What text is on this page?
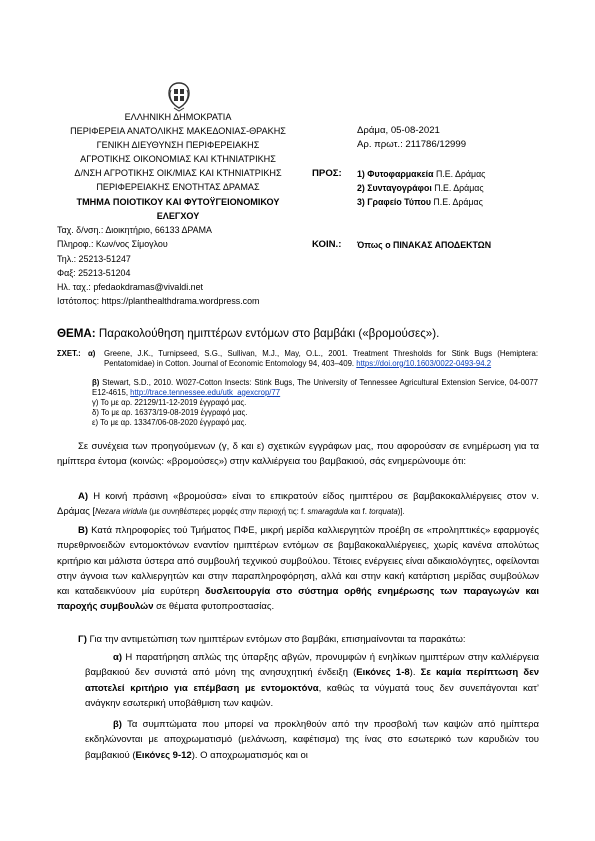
ΕΛΛΗΝΙΚΗ ΔΗΜΟΚΡΑΤΙΑ
ΠΕΡΙΦΕΡΕΙΑ ΑΝΑΤΟΛΙΚΗΣ ΜΑΚΕΔΟΝΙΑΣ-ΘΡΑΚΗΣ
ΓΕΝΙΚΗ ΔΙΕΥΘΥΝΣΗ ΠΕΡΙΦΕΡΕΙΑΚΗΣ
ΑΓΡΟΤΙΚΗΣ ΟΙΚΟΝΟΜΙΑΣ ΚΑΙ ΚΤΗΝΙΑΤΡΙΚΗΣ
Δ/ΝΣΗ ΑΓΡΟΤΙΚΗΣ ΟΙΚ/ΜΙΑΣ ΚΑΙ ΚΤΗΝΙΑΤΡΙΚΗΣ
ΠΕΡΙΦΕΡΕΙΑΚΗΣ ΕΝΟΤΗΤΑΣ ΔΡΑΜΑΣ
ΤΜΗΜΑ ΠΟΙΟΤΙΚΟΥ ΚΑΙ ΦΥΤΟΫΓΕΙΟΝΟΜΙΚΟΥ
ΕΛΕΓΧΟΥ
Ταχ. δ/νση.: Διοικητήριο, 66133 ΔΡΑΜΑ
Πληροφ.: Κων/νος Σίμογλου
Τηλ.: 25213-51247
Φαξ: 25213-51204
Ηλ. ταχ.: pfedaokdramas@vivaldi.net
Ιστότοπος: https://planthealthdrama.wordpress.com
Δράμα, 05-08-2021
Αρ. πρωτ.: 211786/12999
ΠΡΟΣ: 1) Φυτοφαρμακεία Π.Ε. Δράμας
2) Συνταγογράφοι Π.Ε. Δράμας
3) Γραφείο Τύπου Π.Ε. Δράμας
ΚΟΙΝ.: Όπως ο ΠΙΝΑΚΑΣ ΑΠΟΔΕΚΤΩΝ
ΘΕΜΑ: Παρακολούθηση ημιπτέρων εντόμων στο βαμβάκι («βρομούσες»).
ΣΧΕΤ.: α)	Greene, J.K., Turnipseed, S.G., Sullivan, M.J., May, O.L., 2001. Treatment Thresholds for Stink Bugs (Hemiptera: Pentatomidae) in Cotton. Journal of Economic Entomology 94, 403–409. https://doi.org/10.1603/0022-0493-94.2
β) Stewart, S.D., 2010. W027-Cotton Insects: Stink Bugs, The University of Tennessee Agricultural Extension Service, 04-0077 E12-4615, http://trace.tennessee.edu/utk_agexcrop/77
γ) Το με αρ. 22129/11-12-2019 έγγραφό μας.
δ) Το με αρ. 16373/19-08-2019 έγγραφό μας.
ε) Το με αρ. 13347/06-08-2020 έγγραφό μας.
Σε συνέχεια των προηγούμενων (γ, δ και ε) σχετικών εγγράφων μας, που αφορούσαν σε ενημέρωση για τα ημίπτερα έντομα (κοινώς: «βρομούσες») στην καλλιέργεια του βαμβακιού, σάς ενημερώνουμε ότι:
Α) Η κοινή πράσινη «βρομούσα» είναι το επικρατούν είδος ημιπτέρου σε βαμβακοκαλλιέργειες στον ν. Δράμας [Nezara viridula (με συνηθέστερες μορφές στην περιοχή τις: f. smaragdula και f. torquata)].
Β) Κατά πληροφορίες τού Τμήματος ΠΦΕ, μικρή μερίδα καλλιεργητών προέβη σε «προληπτικές» εφαρμογές πυρεθρινοειδών εντομοκτόνων εναντίον ημιπτέρων εντόμων σε βαμβακοκαλλιέργειες, χωρίς κανένα απολύτως κριτήριο και μάλιστα ύστερα από συμβουλή τεχνικού συμβούλου. Τέτοιες ενέργειες είναι αδικαιολόγητες, οφείλονται στην άγνοια των καλλιεργητών και στην παραπληροφόρηση, αλλά και στην κακή κατάρτιση μερίδας συμβούλων και καταδεικνύουν μία ευρύτερη δυσλειτουργία στο σύστημα ορθής ενημέρωσης των παραγωγών και παροχής συμβουλών σε θέματα φυτοπροστασίας.
Γ) Για την αντιμετώπιση των ημιπτέρων εντόμων στο βαμβάκι, επισημαίνονται τα παρακάτω:
α) Η παρατήρηση απλώς της ύπαρξης αβγών, προνυμφών ή ενηλίκων ημιπτέρων στην καλλιέργεια βαμβακιού δεν συνιστά από μόνη της ανησυχητική ένδειξη (Εικόνες 1-8). Σε καμία περίπτωση δεν αποτελεί κριτήριο για επέμβαση με εντομοκτόνα, καθώς τα νύγματά τους δεν συνεπάγονται κατ’ ανάγκην εσωτερική υποβάθμιση των καψών.
β) Τα συμπτώματα που μπορεί να προκληθούν από την προσβολή των καψών από ημίπτερα εκδηλώνονται με αποχρωματισμό (μελάνωση, καφέτισμα) της ίνας στο εσωτερικό των καρυδιών του βαμβακιού (Εικόνες 9-12). Ο αποχρωματισμός και οι
